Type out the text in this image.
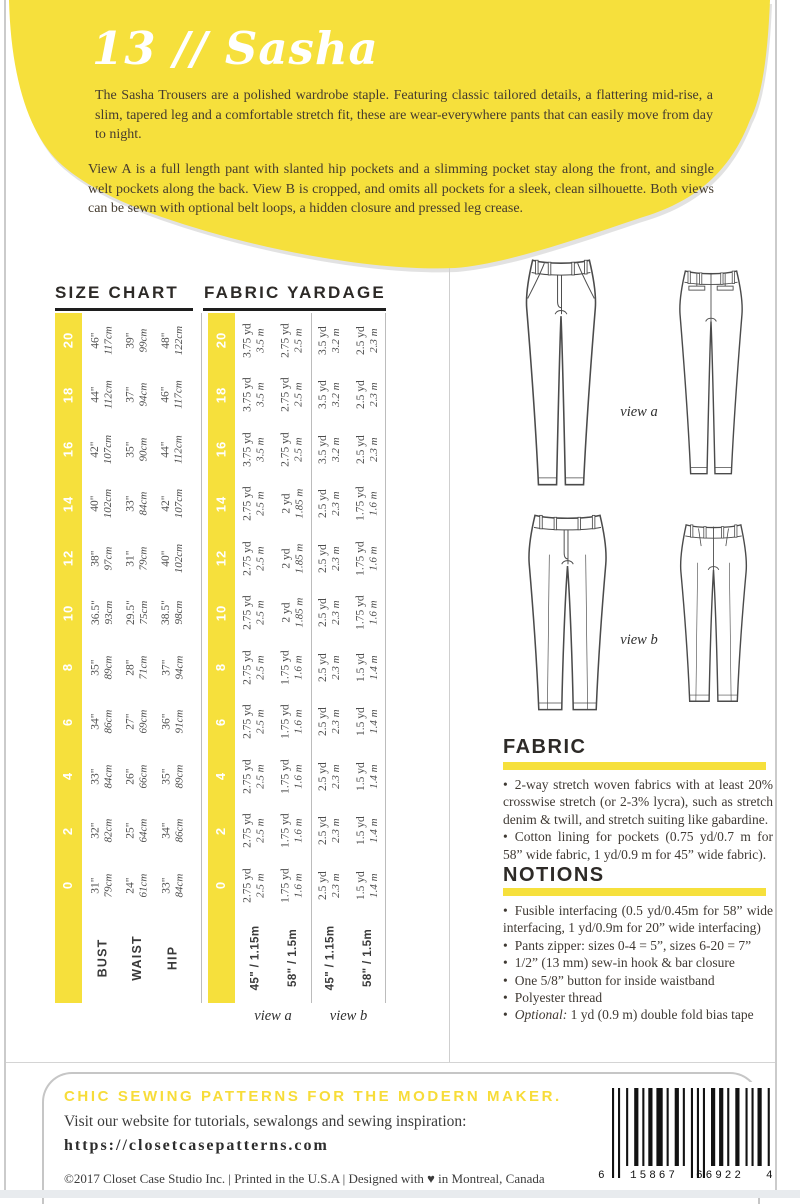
13 // Sasha
The Sasha Trousers are a polished wardrobe staple. Featuring classic tailored details, a flattering mid-rise, a slim, tapered leg and a comfortable stretch fit, these are wear-everywhere pants that can easily move from day to night.
View A is a full length pant with slanted hip pockets and a slimming pocket stay along the front, and single welt pockets along the back. View B is cropped, and omits all pockets for a sleek, clean silhouette. Both views can be sewn with optional belt loops, a hidden closure and pressed leg crease.
SIZE CHART FABRIC YARDAGE
20 46" 117cm 39" 99cm 48" 122cm 20 3.75 yd 3.5 m 2.75 yd 2.5 m 3.5 yd 3.2 m 2.5 yd 2.3 m
18 44" 112cm 37" 94cm 46" 117cm 18 3.75 yd 3.5 m 2.75 yd 2.5 m 3.5 yd 3.2 m 2.5 yd 2.3 m
16 42" 107cm 35" 90cm 44" 112cm 16 3.75 yd 3.5 m 2.75 yd 2.5 m 3.5 yd 3.2 m 2.5 yd 2.3 m
14 40" 102cm 33" 84cm 42" 107cm 14 2.75 yd 2.5 m 2 yd 1.85 m 2.5 yd 2.3 m 1.75 yd 1.6 m
12 38" 97cm 31" 79cm 40" 102cm 12 2.75 yd 2.5 m 2 yd 1.85 m 2.5 yd 2.3 m 1.75 yd 1.6 m
10 36.5" 93cm 29.5" 75cm 38.5" 98cm 10 2.75 yd 2.5 m 2 yd 1.85 m 2.5 yd 2.3 m 1.75 yd 1.6 m
8 35" 89cm 28" 71cm 37" 94cm 8 2.75 yd 2.5 m 1.75 yd 1.6 m 2.5 yd 2.3 m 1.5 yd 1.4 m
6 34" 86cm 27" 69cm 36" 91cm 6 2.75 yd 2.5 m 1.75 yd 1.6 m 2.5 yd 2.3 m 1.5 yd 1.4 m
4 33" 84cm 26" 66cm 35" 89cm 4 2.75 yd 2.5 m 1.75 yd 1.6 m 2.5 yd 2.3 m 1.5 yd 1.4 m
2 32" 82cm 25" 64cm 34" 86cm 2 2.75 yd 2.5 m 1.75 yd 1.6 m 2.5 yd 2.3 m 1.5 yd 1.4 m
0 31" 79cm 24" 61cm 33" 84cm 0 2.75 yd 2.5 m 1.75 yd 1.6 m 2.5 yd 2.3 m 1.5 yd 1.4 m
BUST WAIST HIP	45" / 1.15m	58" / 1.5m	45" / 1.15m	58" / 1.5m
view a	view b
view a
view b
FABRIC
• 2-way stretch woven fabrics with at least 20% crosswise stretch (or 2-3% lycra), such as stretch denim & twill, and stretch suiting like gabardine.
• Cotton lining for pockets (0.75 yd/0.7 m for 58” wide fabric, 1 yd/0.9 m for 45” wide fabric).
NOTIONS
• Fusible interfacing (0.5 yd/0.45m for 58” wide interfacing, 1 yd/0.9m for 20” wide interfacing)
• Pants zipper: sizes 0-4 = 5”, sizes 6-20 = 7”
• 1/2” (13 mm) sew-in hook & bar closure
• One 5/8” button for inside waistband
• Polyester thread
• Optional: 1 yd (0.9 m) double fold bias tape
CHIC SEWING PATTERNS FOR THE MODERN MAKER.
Visit our website for tutorials, sewalongs and sewing inspiration:
https://closetcasepatterns.com
©2017 Closet Case Studio Inc. | Printed in the U.S.A | Designed with ♥ in Montreal, Canada	6 15867 66922 4
